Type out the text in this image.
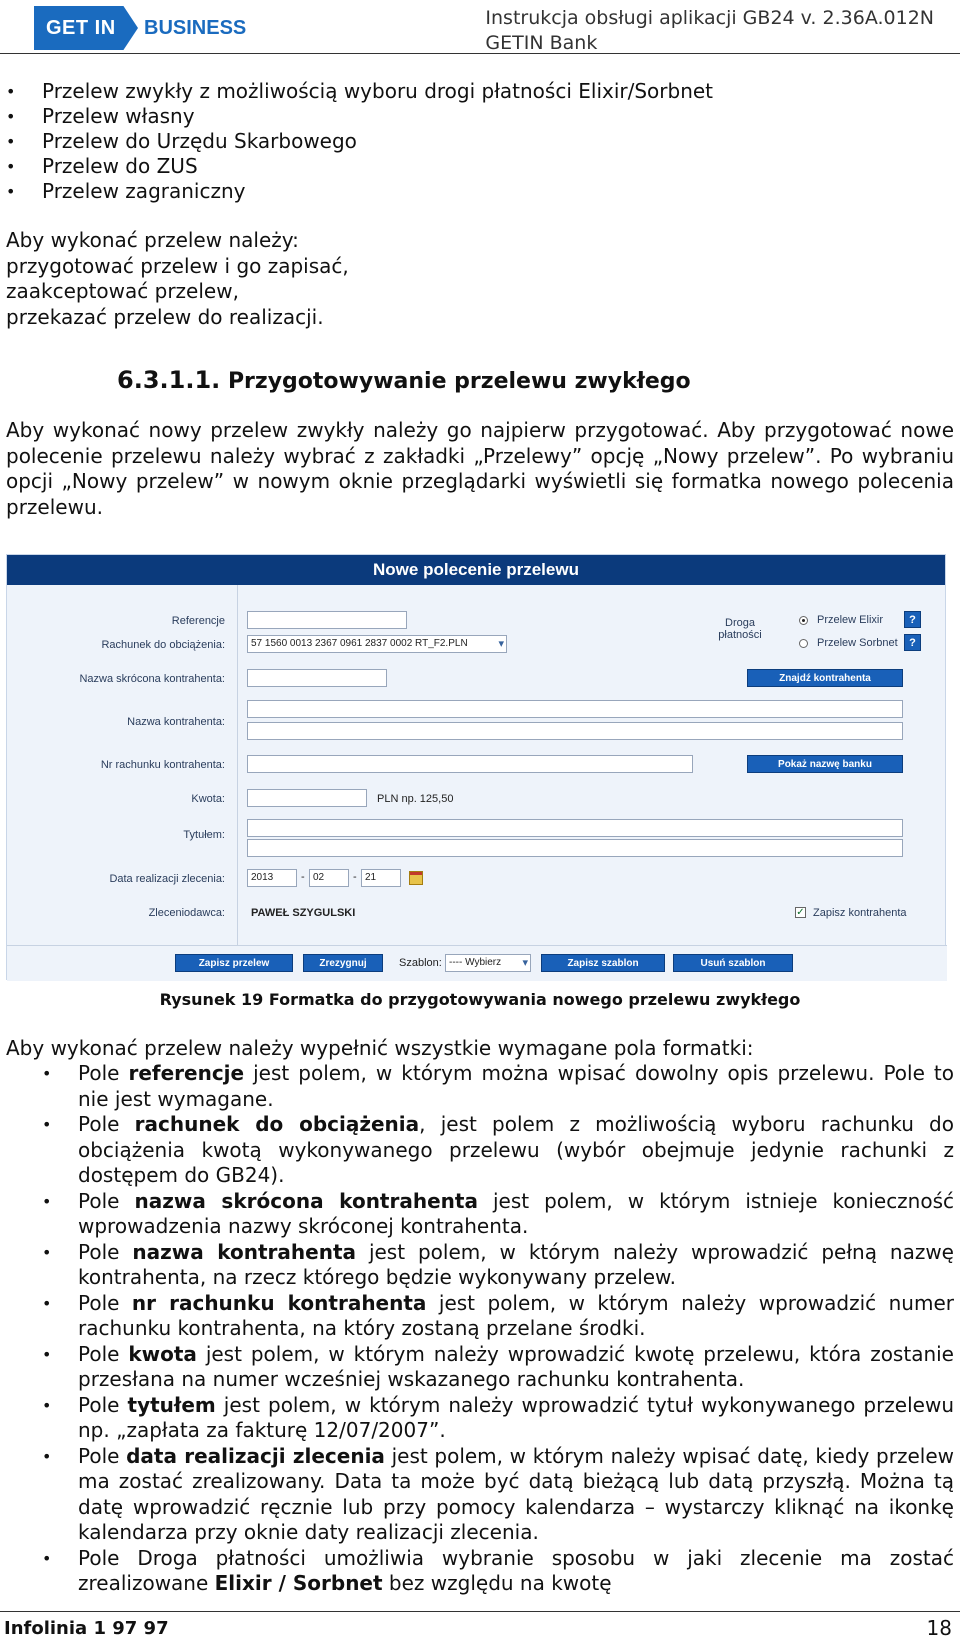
GET IN BUSINESS	Instrukcja obsługi aplikacji GB24 v. 2.36A.012N
GETIN Bank
• Przelew zwykły z możliwością wyboru drogi płatności Elixir/Sorbnet
• Przelew własny
• Przelew do Urzędu Skarbowego
• Przelew do ZUS
• Przelew zagraniczny
Aby wykonać przelew należy:
przygotować przelew i go zapisać,
zaakceptować przelew,
przekazać przelew do realizacji.
6.3.1.1. Przygotowywanie przelewu zwykłego
Aby wykonać nowy przelew zwykły należy go najpierw przygotować. Aby przygotować nowe polecenie przelewu należy wybrać z zakładki „Przelewy” opcję „Nowy przelew”. Po wybraniu opcji „Nowy przelew” w nowym oknie przeglądarki wyświetli się formatka nowego polecenia przelewu.
Nowe polecenie przelewu
Referencje
Rachunek do obciążenia:	57 1560 0013 2367 0961 2837 0002 RT_F2.PLN ▾
Droga
płatności
Przelew Elixir	?
Przelew Sorbnet	?
Nazwa skrócona kontrahenta:	Znajdź kontrahenta
Nazwa kontrahenta:
Nr rachunku kontrahenta:	Pokaż nazwę banku
Kwota:	PLN np. 125,50
Tytułem:
Data realizacji zlecenia:	2013	- 02	- 21
Zleceniodawca: PAWEŁ SZYGULSKI	✓ Zapisz kontrahenta
Zapisz przelew	Zrezygnuj	Szablon: ---- Wybierz ▾	Zapisz szablon	Usuń szablon
Rysunek 19 Formatka do przygotowywania nowego przelewu zwykłego
Aby wykonać przelew należy wypełnić wszystkie wymagane pola formatki:
• Pole referencje jest polem, w którym można wpisać dowolny opis przelewu. Pole to nie jest wymagane.
• Pole rachunek do obciążenia, jest polem z możliwością wyboru rachunku do obciążenia kwotą wykonywanego przelewu (wybór obejmuje jedynie rachunki z dostępem do GB24).
• Pole nazwa skrócona kontrahenta jest polem, w którym istnieje konieczność wprowadzenia nazwy skróconej kontrahenta.
• Pole nazwa kontrahenta jest polem, w którym należy wprowadzić pełną nazwę kontrahenta, na rzecz którego będzie wykonywany przelew.
• Pole nr rachunku kontrahenta jest polem, w którym należy wprowadzić numer rachunku kontrahenta, na który zostaną przelane środki.
• Pole kwota jest polem, w którym należy wprowadzić kwotę przelewu, która zostanie przesłana na numer wcześniej wskazanego rachunku kontrahenta.
• Pole tytułem jest polem, w którym należy wprowadzić tytuł wykonywanego przelewu np. „zapłata za fakturę 12/07/2007”.
• Pole data realizacji zlecenia jest polem, w którym należy wpisać datę, kiedy przelew ma zostać zrealizowany. Data ta może być datą bieżącą lub datą przyszłą. Można tą datę wprowadzić ręcznie lub przy pomocy kalendarza – wystarczy kliknąć na ikonkę kalendarza przy oknie daty realizacji zlecenia.
• Pole Droga płatności umożliwia wybranie sposobu w jaki zlecenie ma zostać zrealizowane Elixir / Sorbnet bez względu na kwotę
Infolinia 1 97 97	18
